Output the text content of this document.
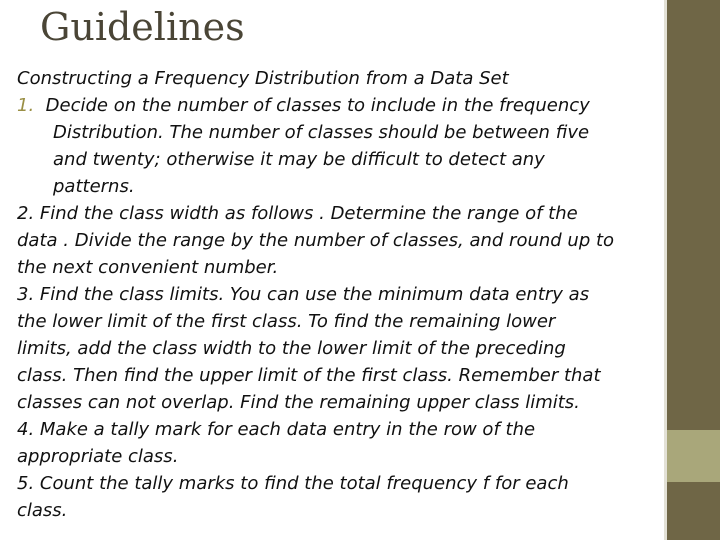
Guidelines
Constructing a Frequency Distribution from a Data Set
1. Decide on the number of classes to include in the frequency
Distribution. The number of classes should be between five
and twenty; otherwise it may be difficult to detect any
patterns.
2. Find the class width as follows . Determine the range of the
data . Divide the range by the number of classes, and round up to
the next convenient number.
3. Find the class limits. You can use the minimum data entry as
the lower limit of the first class. To find the remaining lower
limits, add the class width to the lower limit of the preceding
class. Then find the upper limit of the first class. Remember that
classes can not overlap. Find the remaining upper class limits.
4. Make a tally mark for each data entry in the row of the
appropriate class.
5. Count the tally marks to find the total frequency f for each
class.
